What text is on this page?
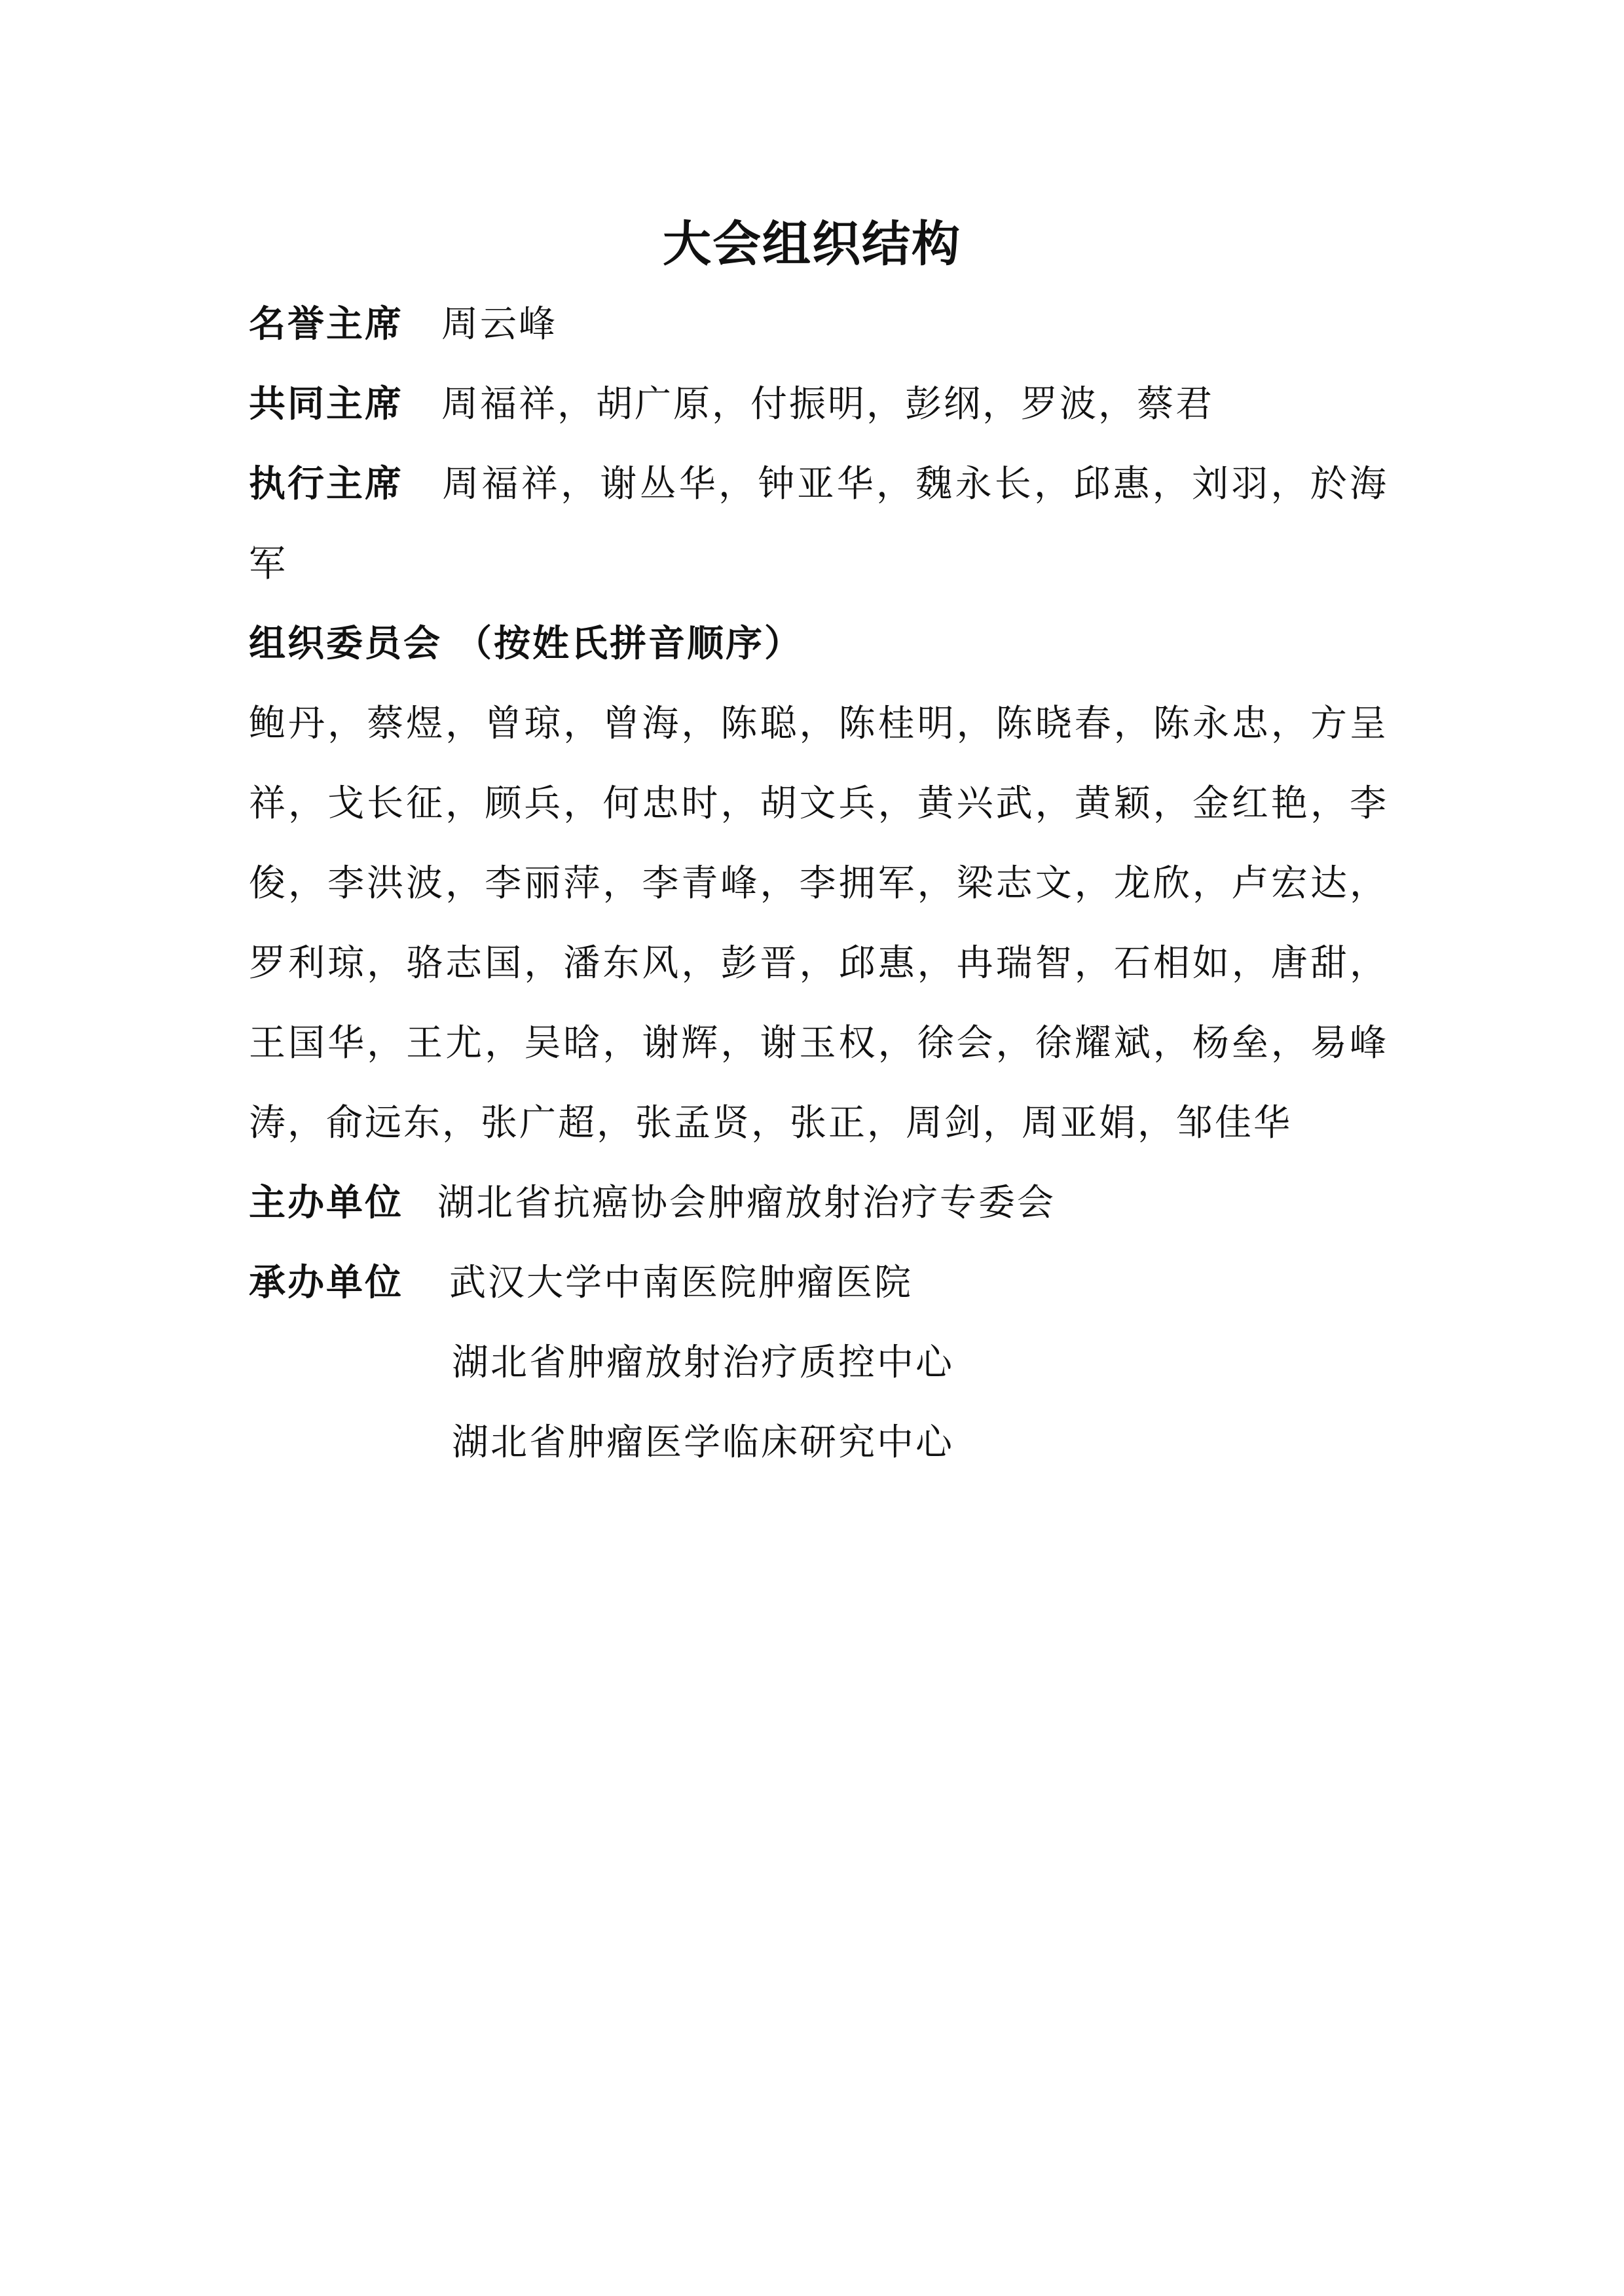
大会组织结构

名誉主席 周云峰

共同主席 周福祥，胡广原，付振明，彭纲，罗波，蔡君

执行主席 周福祥，谢丛华，钟亚华，魏永长，邱惠，刘羽，於海军

组织委员会 （按姓氏拼音顺序）

鲍丹，蔡煜，曾琼，曾海，陈聪，陈桂明，陈晓春，陈永忠，方呈祥，戈长征，顾兵，何忠时，胡文兵，黄兴武，黄颖，金红艳，李俊，李洪波，李丽萍，李青峰，李拥军，梁志文，龙欣，卢宏达，罗利琼，骆志国，潘东风，彭晋，邱惠，冉瑞智，石相如，唐甜，王国华，王尤，吴晗，谢辉，谢玉权，徐会，徐耀斌，杨垒，易峰涛，俞远东，张广超，张孟贤，张正，周剑，周亚娟，邹佳华

主办单位 湖北省抗癌协会肿瘤放射治疗专委会

承办单位 武汉大学中南医院肿瘤医院

湖北省肿瘤放射治疗质控中心

湖北省肿瘤医学临床研究中心
